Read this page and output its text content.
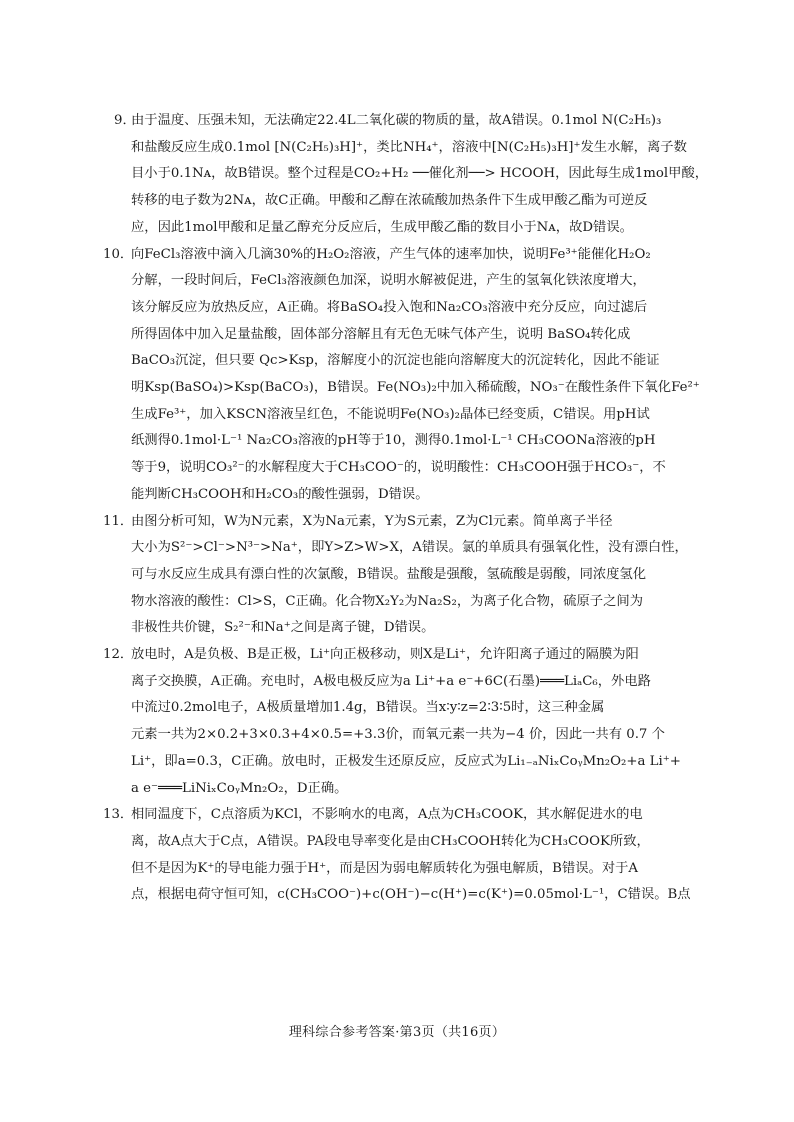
9．
由于温度、压强未知，无法确定22.4L二氧化碳的物质的量，故A错误。0.1mol N(C₂H₅)₃
和盐酸反应生成0.1mol [N(C₂H₅)₃H]⁺，类比NH₄⁺，溶液中[N(C₂H₅)₃H]⁺发生水解，离子数
目小于0.1Nᴀ，故B错误。整个过程是CO₂+H₂ ──催化剂──> HCOOH，因此每生成1mol甲酸，
转移的电子数为2Nᴀ，故C正确。甲酸和乙醇在浓硫酸加热条件下生成甲酸乙酯为可逆反
应，因此1mol甲酸和足量乙醇充分反应后，生成甲酸乙酯的数目小于Nᴀ，故D错误。
10．
向FeCl₃溶液中滴入几滴30%的H₂O₂溶液，产生气体的速率加快，说明Fe³⁺能催化H₂O₂
分解，一段时间后，FeCl₃溶液颜色加深，说明水解被促进，产生的氢氧化铁浓度增大，
该分解反应为放热反应，A正确。将BaSO₄投入饱和Na₂CO₃溶液中充分反应，向过滤后
所得固体中加入足量盐酸，固体部分溶解且有无色无味气体产生，说明 BaSO₄转化成
BaCO₃沉淀，但只要 Qc>Ksp，溶解度小的沉淀也能向溶解度大的沉淀转化，因此不能证
明Ksp(BaSO₄)>Ksp(BaCO₃)，B错误。Fe(NO₃)₂中加入稀硫酸，NO₃⁻在酸性条件下氧化Fe²⁺
生成Fe³⁺，加入KSCN溶液呈红色，不能说明Fe(NO₃)₂晶体已经变质，C错误。用pH试
纸测得0.1mol·L⁻¹ Na₂CO₃溶液的pH等于10，测得0.1mol·L⁻¹ CH₃COONa溶液的pH
等于9，说明CO₃²⁻的水解程度大于CH₃COO⁻的，说明酸性：CH₃COOH强于HCO₃⁻，不
能判断CH₃COOH和H₂CO₃的酸性强弱，D错误。
11．
由图分析可知，W为N元素，X为Na元素，Y为S元素，Z为Cl元素。简单离子半径
大小为S²⁻>Cl⁻>N³⁻>Na⁺，即Y>Z>W>X，A错误。氯的单质具有强氧化性，没有漂白性，
可与水反应生成具有漂白性的次氯酸，B错误。盐酸是强酸，氢硫酸是弱酸，同浓度氢化
物水溶液的酸性：Cl>S，C正确。化合物X₂Y₂为Na₂S₂，为离子化合物，硫原子之间为
非极性共价键，S₂²⁻和Na⁺之间是离子键，D错误。
12．
放电时，A是负极、B是正极，Li⁺向正极移动，则X是Li⁺，允许阳离子通过的隔膜为阳
离子交换膜，A正确。充电时，A极电极反应为a Li⁺+a e⁻+6C(石墨)═══LiₐC₆，外电路
中流过0.2mol电子，A极质量增加1.4g，B错误。当x∶y∶z=2∶3∶5时，这三种金属
元素一共为2×0.2+3×0.3+4×0.5=+3.3价，而氧元素一共为−4 价，因此一共有 0.7 个
Li⁺，即a=0.3，C正确。放电时，正极发生还原反应，反应式为Li₁₋ₐNiₓCoᵧMn₂O₂+a Li⁺+
a e⁻═══LiNiₓCoᵧMn₂O₂，D正确。
13．
相同温度下，C点溶质为KCl，不影响水的电离，A点为CH₃COOK，其水解促进水的电
离，故A点大于C点，A错误。PA段电导率变化是由CH₃COOH转化为CH₃COOK所致，
但不是因为K⁺的导电能力强于H⁺，而是因为弱电解质转化为强电解质，B错误。对于A
点，根据电荷守恒可知，c(CH₃COO⁻)+c(OH⁻)−c(H⁺)=c(K⁺)=0.05mol·L⁻¹，C错误。B点
理科综合参考答案·第3页（共16页）
